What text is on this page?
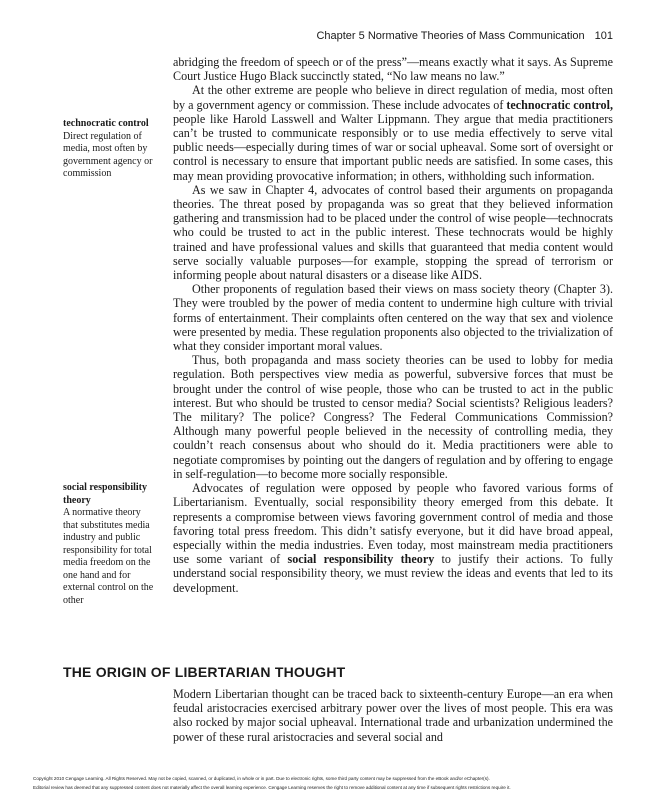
Chapter 5 Normative Theories of Mass Communication 101

abridging the freedom of speech or of the press”—means exactly what it says. As Supreme Court Justice Hugo Black succinctly stated, “No law means no law.”

At the other extreme are people who believe in direct regulation of media, most often by a government agency or commission. These include advocates of technocratic control, people like Harold Lasswell and Walter Lippmann. They argue that media practitioners can’t be trusted to communicate responsibly or to use media effectively to serve vital public needs—especially during times of war or social upheaval. Some sort of oversight or control is necessary to ensure that important public needs are satisfied. In some cases, this may mean providing provocative information; in others, withholding such information.

As we saw in Chapter 4, advocates of control based their arguments on propaganda theories. The threat posed by propaganda was so great that they believed information gathering and transmission had to be placed under the control of wise people—technocrats who could be trusted to act in the public interest. These technocrats would be highly trained and have professional values and skills that guaranteed that media content would serve socially valuable purposes—for example, stopping the spread of terrorism or informing people about natural disasters or a disease like AIDS.

Other proponents of regulation based their views on mass society theory (Chapter 3). They were troubled by the power of media content to undermine high culture with trivial forms of entertainment. Their complaints often centered on the way that sex and violence were presented by media. These regulation proponents also objected to the trivialization of what they consider important moral values.

Thus, both propaganda and mass society theories can be used to lobby for media regulation. Both perspectives view media as powerful, subversive forces that must be brought under the control of wise people, those who can be trusted to act in the public interest. But who should be trusted to censor media? Social scientists? Religious leaders? The military? The police? Congress? The Federal Communications Commission? Although many powerful people believed in the necessity of controlling media, they couldn’t reach consensus about who should do it. Media practitioners were able to negotiate compromises by pointing out the dangers of regulation and by offering to engage in self-regulation—to become more socially responsible.

Advocates of regulation were opposed by people who favored various forms of Libertarianism. Eventually, social responsibility theory emerged from this debate. It represents a compromise between views favoring government control of media and those favoring total press freedom. This didn’t satisfy everyone, but it did have broad appeal, especially within the media industries. Even today, most mainstream media practitioners use some variant of social responsibility theory to justify their actions. To fully understand social responsibility theory, we must review the ideas and events that led to its development.

technocratic control
Direct regulation of media, most often by government agency or commission
social responsibility theory
A normative theory that substitutes media industry and public responsibility for total media freedom on the one hand and for external control on the other
THE ORIGIN OF LIBERTARIAN THOUGHT

Modern Libertarian thought can be traced back to sixteenth-century Europe—an era when feudal aristocracies exercised arbitrary power over the lives of most people. This era was also rocked by major social upheaval. International trade and urbanization undermined the power of these rural aristocracies and several social and

Copyright 2010 Cengage Learning. All Rights Reserved. May not be copied, scanned, or duplicated, in whole or in part. Due to electronic rights, some third party content may be suppressed from the eBook and/or eChapter(s).
Editorial review has deemed that any suppressed content does not materially affect the overall learning experience. Cengage Learning reserves the right to remove additional content at any time if subsequent rights restrictions require it.
